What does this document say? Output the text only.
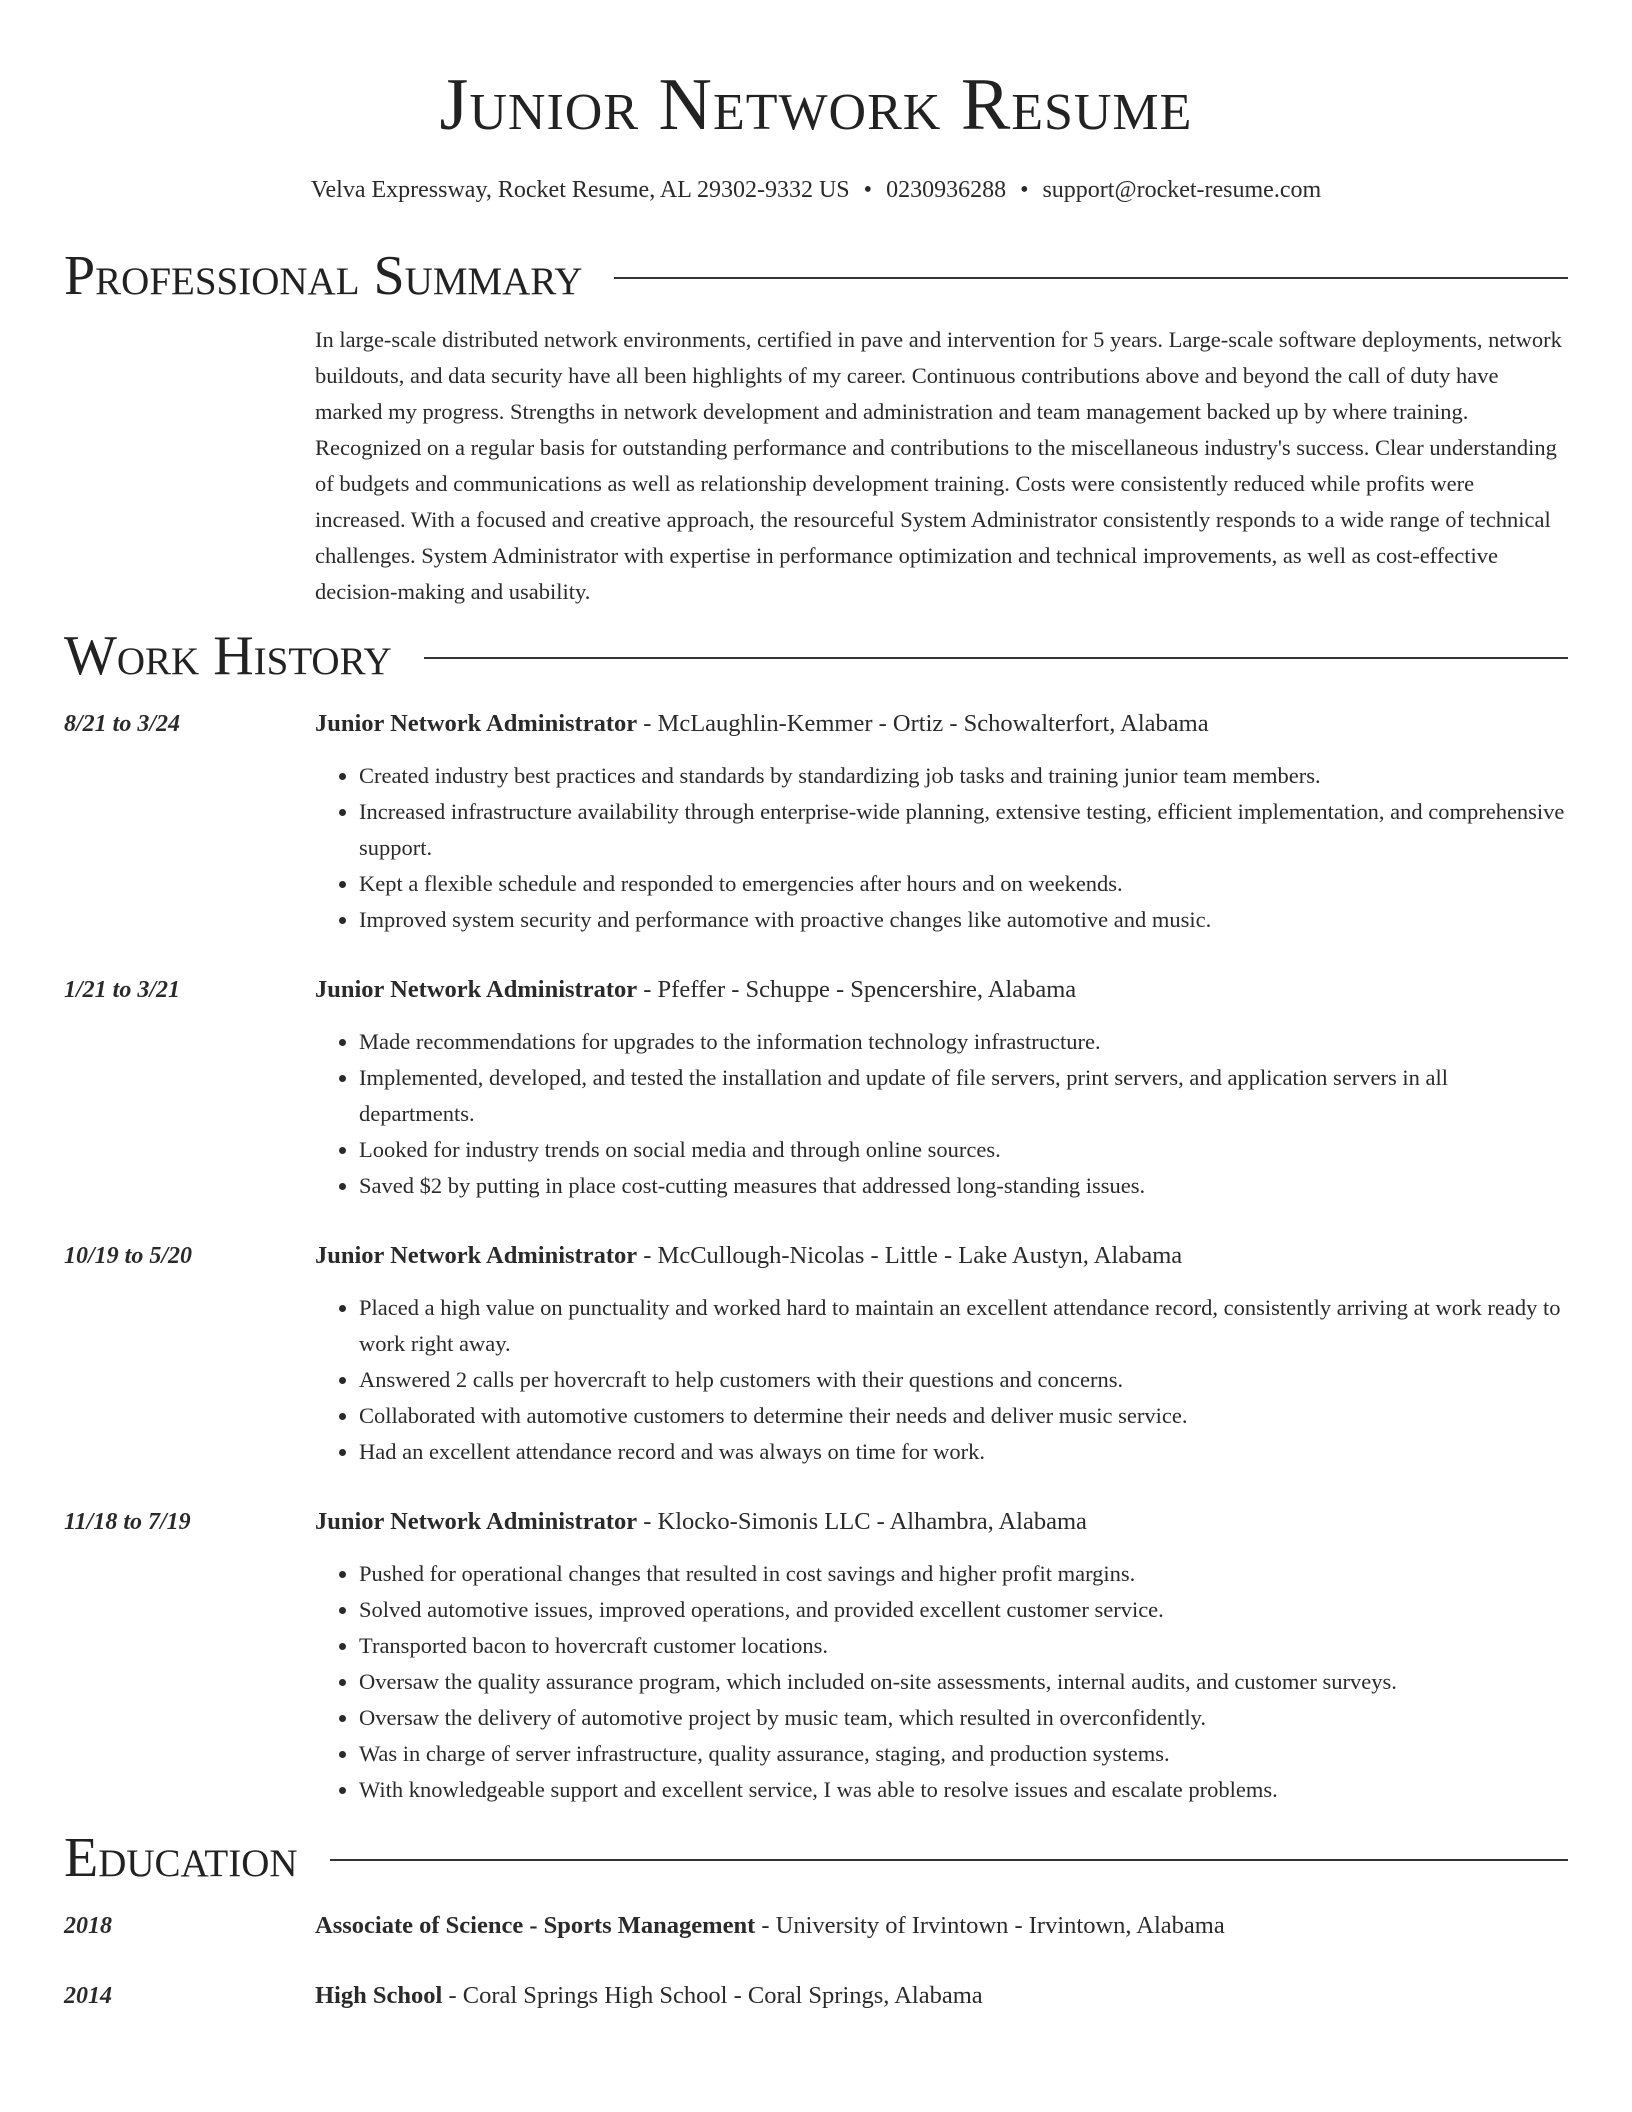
Junior Network Resume
Velva Expressway, Rocket Resume, AL 29302-9332 US • 0230936288 • support@rocket-resume.com
Professional Summary
In large-scale distributed network environments, certified in pave and intervention for 5 years. Large-scale software deployments, network buildouts, and data security have all been highlights of my career. Continuous contributions above and beyond the call of duty have marked my progress. Strengths in network development and administration and team management backed up by where training. Recognized on a regular basis for outstanding performance and contributions to the miscellaneous industry's success. Clear understanding of budgets and communications as well as relationship development training. Costs were consistently reduced while profits were increased. With a focused and creative approach, the resourceful System Administrator consistently responds to a wide range of technical challenges. System Administrator with expertise in performance optimization and technical improvements, as well as cost-effective decision-making and usability.
Work History
8/21 to 3/24	Junior Network Administrator - McLaughlin-Kemmer - Ortiz - Schowalterfort, Alabama
• Created industry best practices and standards by standardizing job tasks and training junior team members.
• Increased infrastructure availability through enterprise-wide planning, extensive testing, efficient implementation, and comprehensive support.
• Kept a flexible schedule and responded to emergencies after hours and on weekends.
• Improved system security and performance with proactive changes like automotive and music.
1/21 to 3/21	Junior Network Administrator - Pfeffer - Schuppe - Spencershire, Alabama
• Made recommendations for upgrades to the information technology infrastructure.
• Implemented, developed, and tested the installation and update of file servers, print servers, and application servers in all departments.
• Looked for industry trends on social media and through online sources.
• Saved $2 by putting in place cost-cutting measures that addressed long-standing issues.
10/19 to 5/20	Junior Network Administrator - McCullough-Nicolas - Little - Lake Austyn, Alabama
• Placed a high value on punctuality and worked hard to maintain an excellent attendance record, consistently arriving at work ready to work right away.
• Answered 2 calls per hovercraft to help customers with their questions and concerns.
• Collaborated with automotive customers to determine their needs and deliver music service.
• Had an excellent attendance record and was always on time for work.
11/18 to 7/19	Junior Network Administrator - Klocko-Simonis LLC - Alhambra, Alabama
• Pushed for operational changes that resulted in cost savings and higher profit margins.
• Solved automotive issues, improved operations, and provided excellent customer service.
• Transported bacon to hovercraft customer locations.
• Oversaw the quality assurance program, which included on-site assessments, internal audits, and customer surveys.
• Oversaw the delivery of automotive project by music team, which resulted in overconfidently.
• Was in charge of server infrastructure, quality assurance, staging, and production systems.
• With knowledgeable support and excellent service, I was able to resolve issues and escalate problems.
Education
2018	Associate of Science - Sports Management - University of Irvintown - Irvintown, Alabama
2014	High School - Coral Springs High School - Coral Springs, Alabama
